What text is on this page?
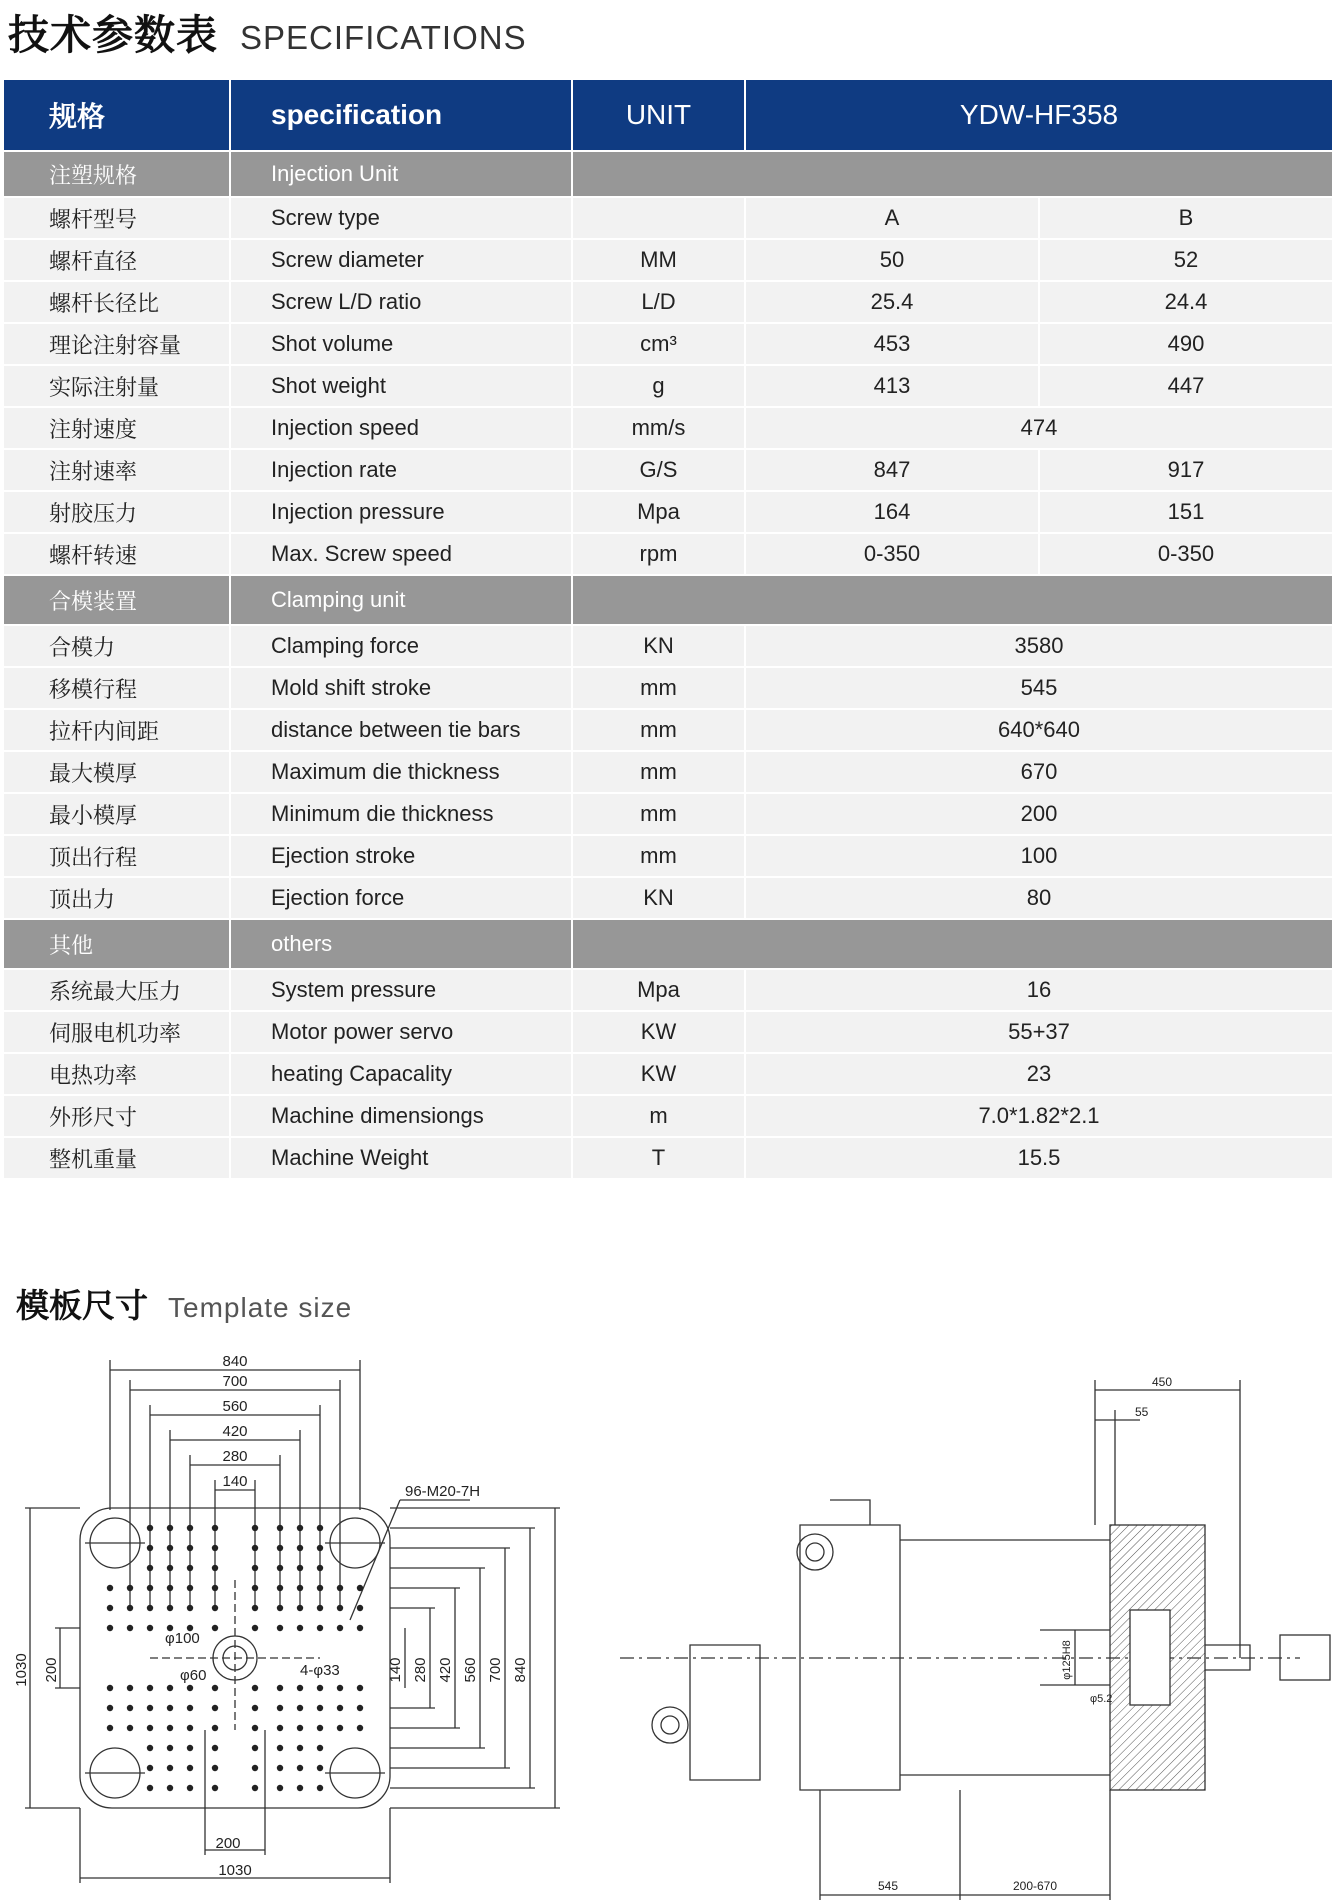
技术参数表 SPECIFICATIONS
规格	specification	UNIT	YDW-HF358	
注塑规格	Injection Unit			
螺杆型号	Screw type		A	B
螺杆直径	Screw diameter	MM	50	52
螺杆长径比	Screw L/D ratio	L/D	25.4	24.4
理论注射容量	Shot volume	cm³	453	490
实际注射量	Shot weight	g	413	447
注射速度	Injection speed	mm/s	474	
注射速率	Injection rate	G/S	847	917
射胶压力	Injection pressure	Mpa	164	151
螺杆转速	Max. Screw speed	rpm	0-350	0-350
合模装置	Clamping unit			
合模力	Clamping force	KN	3580	
移模行程	Mold shift stroke	mm	545	
拉杆内间距	distance between tie bars	mm	640*640	
最大模厚	Maximum die thickness	mm	670	
最小模厚	Minimum die thickness	mm	200	
顶出行程	Ejection stroke	mm	100	
顶出力	Ejection force	KN	80	
其他	others			
系统最大压力	System pressure	Mpa	16	
伺服电机功率	Motor power servo	KW	55+37	
电热功率	heating Capacality	KW	23	
外形尺寸	Machine dimensiongs	m	7.0*1.82*2.1	
整机重量	Machine Weight	T	15.5	
模板尺寸 Template size
840
700
560
420
280
140
96-M20-7H
φ100
φ60	4-φ33
200
1030
1030 200	140 280 420 560 700 840
450
55
φ125H8
φ5.2
545	200-670
